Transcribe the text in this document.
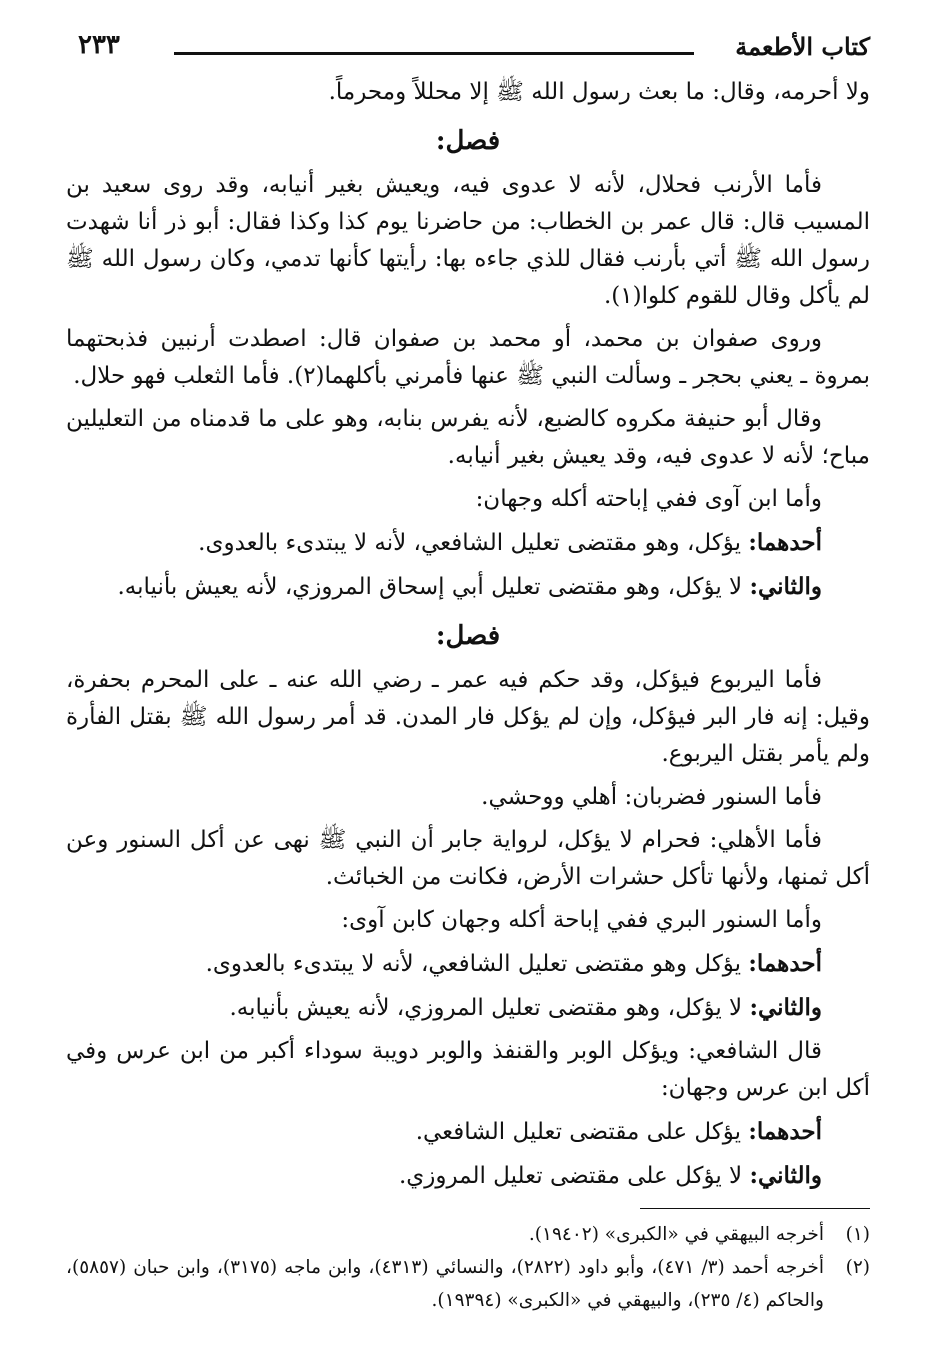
كتاب الأطعمة
٢٣٣

ولا أحرمه، وقال: ما بعث رسول الله ﷺ إلا محللاً ومحرماً.

فصل:

فأما الأرنب فحلال، لأنه لا عدوى فيه، ويعيش بغير أنيابه، وقد روى سعيد بن المسيب قال: قال عمر بن الخطاب: من حاضرنا يوم كذا وكذا فقال: أبو ذر أنا شهدت رسول الله ﷺ أتي بأرنب فقال للذي جاءه بها: رأيتها كأنها تدمي، وكان رسول الله ﷺ لم يأكل وقال للقوم كلوا(١).

وروى صفوان بن محمد، أو محمد بن صفوان قال: اصطدت أرنبين فذبحتهما بمروة ـ يعني بحجر ـ وسألت النبي ﷺ عنها فأمرني بأكلهما(٢). فأما الثعلب فهو حلال.

وقال أبو حنيفة مكروه كالضبع، لأنه يفرس بنابه، وهو على ما قدمناه من التعليلين مباح؛ لأنه لا عدوى فيه، وقد يعيش بغير أنيابه.

وأما ابن آوى ففي إباحته أكله وجهان:

أحدهما: يؤكل، وهو مقتضى تعليل الشافعي، لأنه لا يبتدىء بالعدوى.

والثاني: لا يؤكل، وهو مقتضى تعليل أبي إسحاق المروزي، لأنه يعيش بأنيابه.

فصل:

فأما اليربوع فيؤكل، وقد حكم فيه عمر ـ رضي الله عنه ـ على المحرم بحفرة، وقيل: إنه فار البر فيؤكل، وإن لم يؤكل فار المدن. قد أمر رسول الله ﷺ بقتل الفأرة ولم يأمر بقتل اليربوع.

فأما السنور فضربان: أهلي ووحشي.

فأما الأهلي: فحرام لا يؤكل، لرواية جابر أن النبي ﷺ نهى عن أكل السنور وعن أكل ثمنها، ولأنها تأكل حشرات الأرض، فكانت من الخبائث.

وأما السنور البري ففي إباحة أكله وجهان كابن آوى:

أحدهما: يؤكل وهو مقتضى تعليل الشافعي، لأنه لا يبتدىء بالعدوى.

والثاني: لا يؤكل، وهو مقتضى تعليل المروزي، لأنه يعيش بأنيابه.

قال الشافعي: ويؤكل الوبر والقنفذ والوبر دويبة سوداء أكبر من ابن عرس وفي أكل ابن عرس وجهان:

أحدهما: يؤكل على مقتضى تعليل الشافعي.

والثاني: لا يؤكل على مقتضى تعليل المروزي.

(١)
أخرجه البيهقي في «الكبرى» (١٩٤٠٢).
(٢)
أخرجه أحمد (٣/ ٤٧١)، وأبو داود (٢٨٢٢)، والنسائي (٤٣١٣)، وابن ماجه (٣١٧٥)، وابن حبان (٥٨٥٧)، والحاكم (٤/ ٢٣٥)، والبيهقي في «الكبرى» (١٩٣٩٤).
